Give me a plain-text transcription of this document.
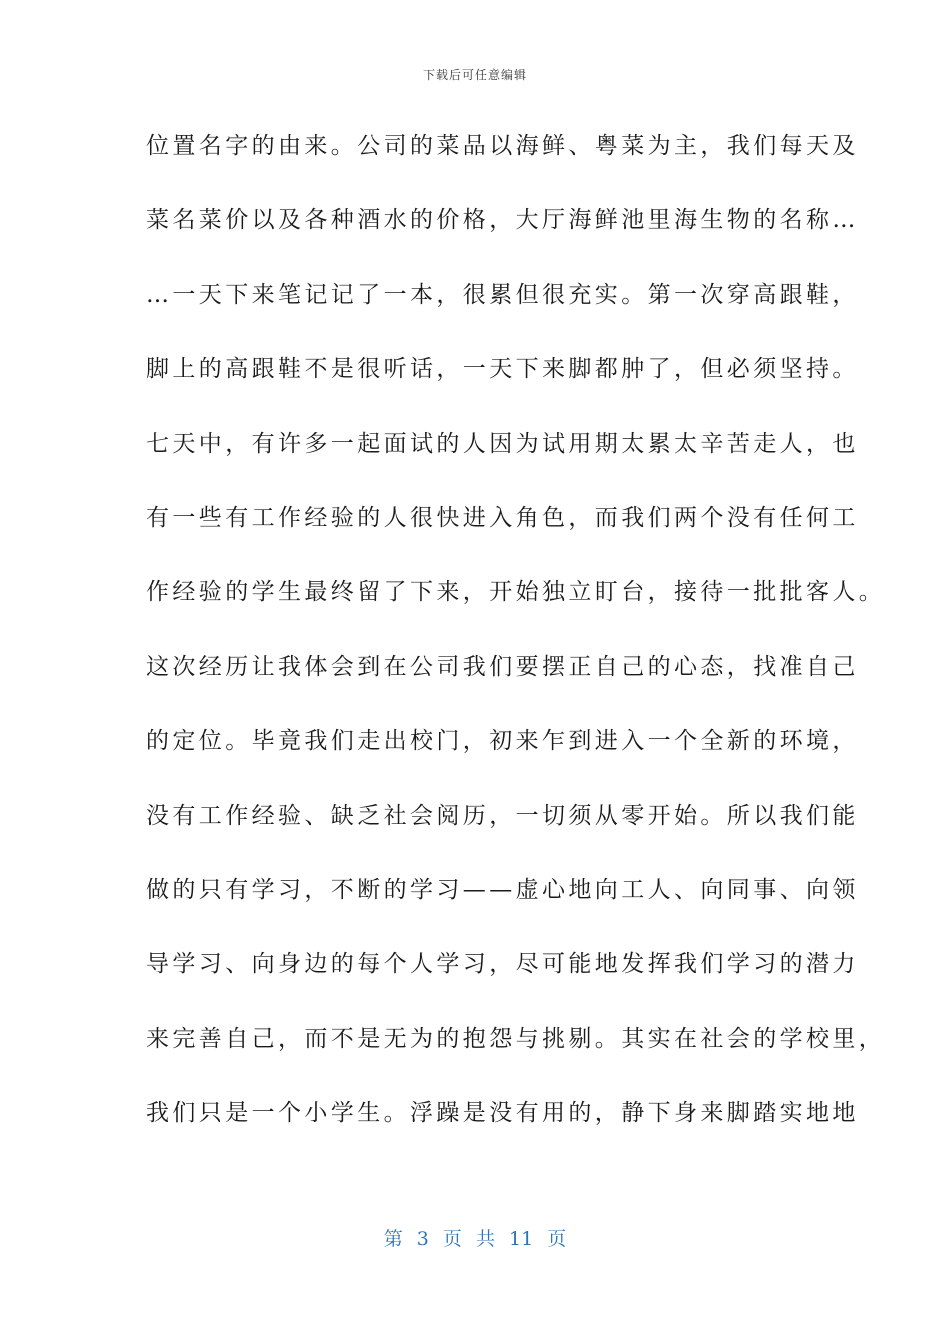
下载后可任意编辑
位置名字的由来。公司的菜品以海鲜、粤菜为主，我们每天及
菜名菜价以及各种酒水的价格，大厅海鲜池里海生物的名称…
…一天下来笔记记了一本，很累但很充实。第一次穿高跟鞋，
脚上的高跟鞋不是很听话，一天下来脚都肿了，但必须坚持。
七天中，有许多一起面试的人因为试用期太累太辛苦走人，也
有一些有工作经验的人很快进入角色，而我们两个没有任何工
作经验的学生最终留了下来，开始独立盯台，接待一批批客人。
这次经历让我体会到在公司我们要摆正自己的心态，找准自己
的定位。毕竟我们走出校门，初来乍到进入一个全新的环境，
没有工作经验、缺乏社会阅历，一切须从零开始。所以我们能
做的只有学习，不断的学习——虚心地向工人、向同事、向领
导学习、向身边的每个人学习，尽可能地发挥我们学习的潜力
来完善自己，而不是无为的抱怨与挑剔。其实在社会的学校里，
我们只是一个小学生。浮躁是没有用的，静下身来脚踏实地地
第 3 页 共 11 页
